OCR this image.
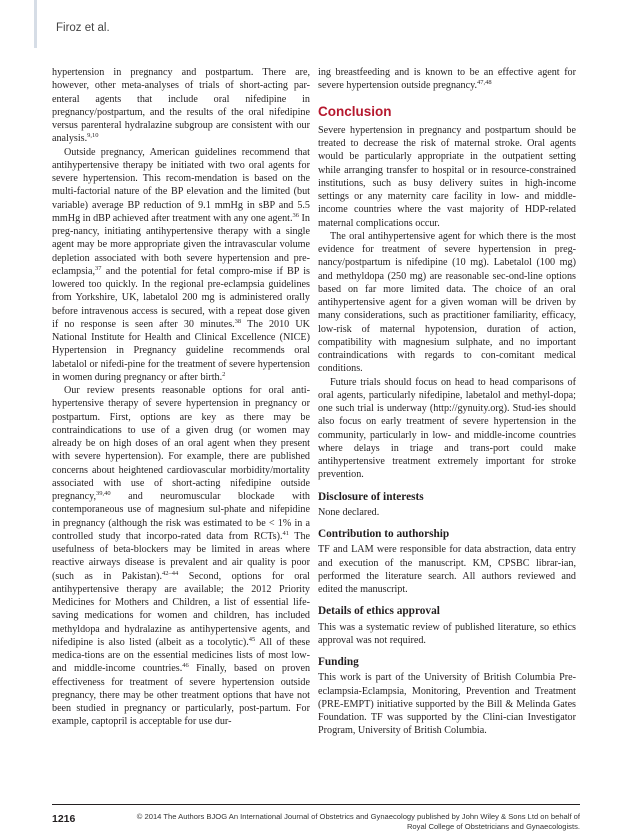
Firoz et al.

hypertension in pregnancy and postpartum. There are, however, other meta-analyses of trials of short-acting par-enteral agents that include oral nifedipine in pregnancy/postpartum, and the results of the oral nifedipine versus parenteral hydralazine subgroup are consistent with our analysis.$^{9,10}$

Outside pregnancy, American guidelines recommend that antihypertensive therapy be initiated with two oral agents for severe hypertension. This recom-mendation is based on the multi-factorial nature of the BP elevation and the limited (but variable) average BP reduction of 9.1 mmHg in sBP and 5.5 mmHg in dBP achieved after treatment with any one agent.$^{36}$ In preg-nancy, initiating antihypertensive therapy with a single agent may be more appropriate given the intravascular volume depletion associated with both severe hypertension and pre-eclampsia,$^{37}$ and the potential for fetal compro-mise if BP is lowered too quickly. In the regional pre-eclampsia guidelines from Yorkshire, UK, labetalol 200 mg is administered orally before intravenous access is secured, with a repeat dose given if no response is seen after 30 minutes.$^{38}$ The 2010 UK National Institute for Health and Clinical Excellence (NICE) Hypertension in Pregnancy guideline recommends oral labetalol or nifedi-pine for the treatment of severe hypertension in women during pregnancy or after birth.$^2$

Our review presents reasonable options for oral anti-hypertensive therapy of severe hypertension in pregnancy or postpartum. First, options are key as there may be contraindications to use of a given drug (or women may already be on high doses of an oral agent when they present with severe hypertension). For example, there are published concerns about heightened cardiovascular morbidity/mortality associated with use of short-acting nifedipine outside pregnancy,$^{39,40}$ and neuromuscular blockade with contemporaneous use of magnesium sul-phate and nifepidine in pregnancy (although the risk was estimated to be < 1% in a controlled study that incorpo-rated data from RCTs).$^{41}$ The usefulness of beta-blockers may be limited in areas where reactive airways disease is prevalent and air quality is poor (such as in Pakistan).$^{42-44}$ Second, options for oral antihypertensive therapy are available; the 2012 Priority Medicines for Mothers and Children, a list of essential life-saving medications for women and children, has included methyldopa and hydralazine as antihypertensive agents, and nifedipine is also listed (albeit as a tocolytic).$^{45}$ All of these medica-tions are on the essential medicines lists of most low- and middle-income countries.$^{46}$ Finally, based on proven effectiveness for treatment of severe hypertension outside pregnancy, there may be other treatment options that have not been studied in pregnancy or particularly, post-partum. For example, captopril is acceptable for use dur-

ing breastfeeding and is known to be an effective agent for severe hypertension outside pregnancy.$^{47,48}$

Conclusion

Severe hypertension in pregnancy and postpartum should be treated to decrease the risk of maternal stroke. Oral agents would be particularly appropriate in the outpatient setting while arranging transfer to hospital or in resource-constrained institutions, such as busy delivery suites in high-income settings or any maternity care facility in low- and middle-income countries where the vast majority of HDP-related maternal complications occur.

The oral antihypertensive agent for which there is the most evidence for treatment of severe hypertension in preg-nancy/postpartum is nifedipine (10 mg). Labetalol (100 mg) and methyldopa (250 mg) are reasonable sec-ond-line options based on far more limited data. The choice of an oral antihypertensive agent for a given woman will be driven by many considerations, such as practitioner familiarity, efficacy, low-risk of maternal hypotension, duration of action, compatibility with magnesium sulphate, and no important contraindications with regards to con-comitant medical conditions.

Future trials should focus on head to head comparisons of oral agents, particularly nifedipine, labetalol and methyl-dopa; one such trial is underway (http://gynuity.org). Stud-ies should also focus on early treatment of severe hypertension in the community, particularly in low- and middle-income countries where delays in triage and trans-port could make antihypertensive treatment extremely important for stroke prevention.

Disclosure of interests

None declared.

Contribution to authorship

TF and LAM were responsible for data abstraction, data entry and execution of the manuscript. KM, CPSBC librar-ian, performed the literature search. All authors reviewed and edited the manuscript.

Details of ethics approval

This was a systematic review of published literature, so ethics approval was not required.

Funding

This work is part of the University of British Columbia Pre-eclampsia-Eclampsia, Monitoring, Prevention and Treatment (PRE-EMPT) initiative supported by the Bill & Melinda Gates Foundation. TF was supported by the Clini-cian Investigator Program, University of British Columbia.

1216	© 2014 The Authors BJOG An International Journal of Obstetrics and Gynaecology published by John Wiley & Sons Ltd on behalf of
Royal College of Obstetricians and Gynaecologists.
